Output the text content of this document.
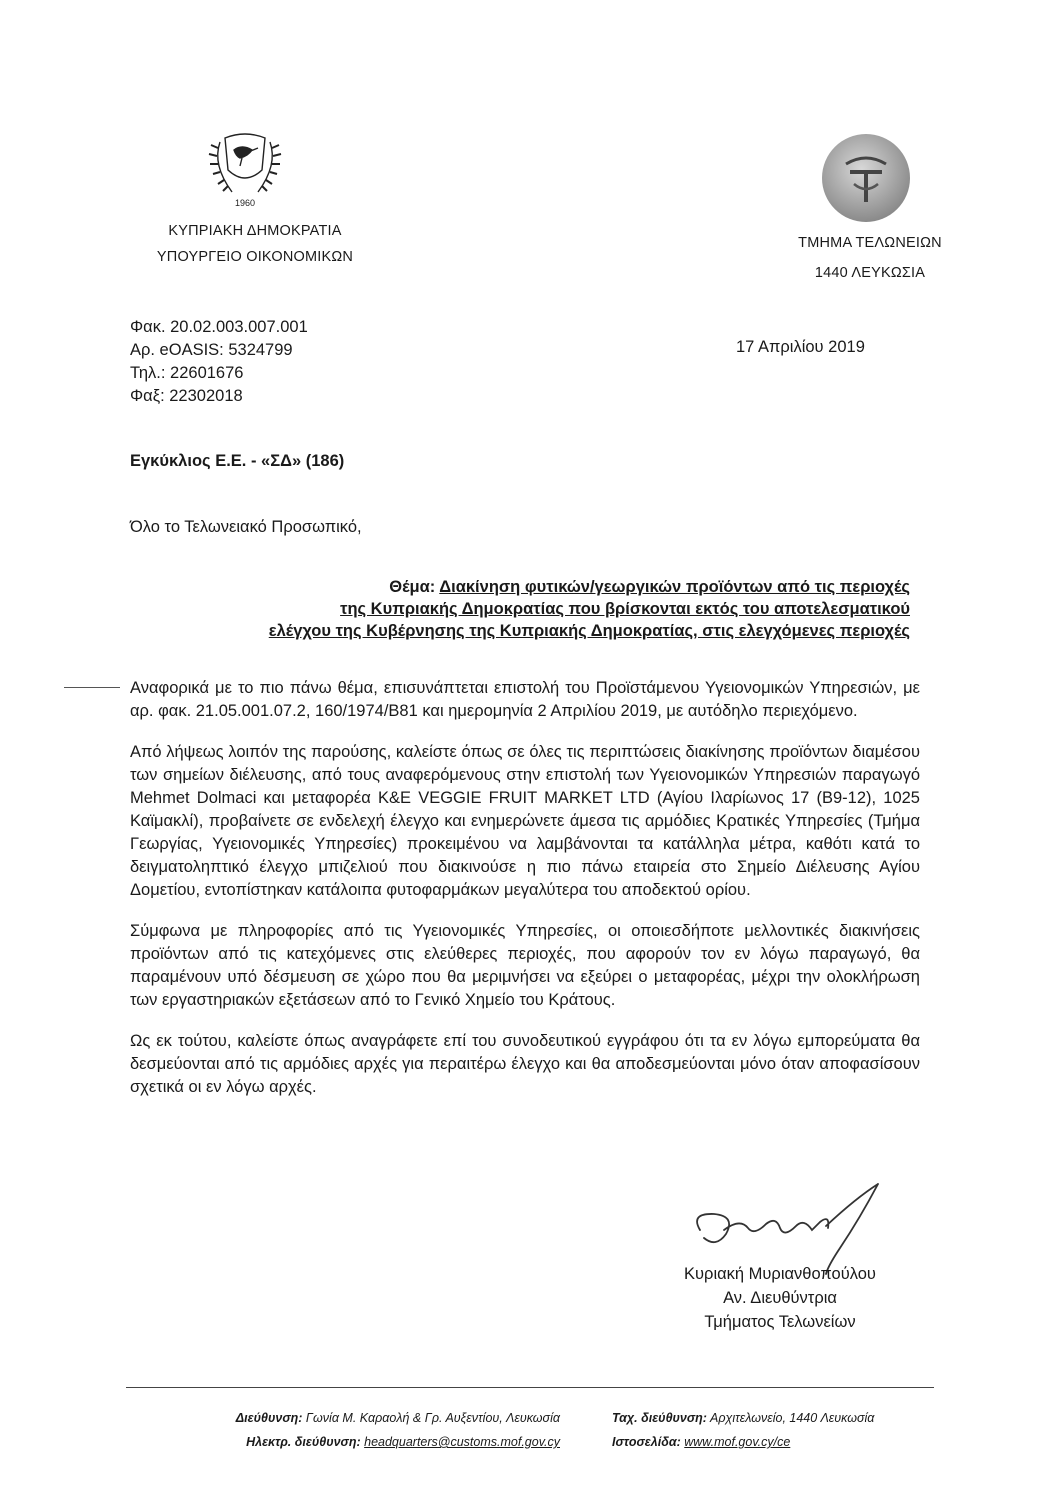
1960
ΚΥΠΡΙΑΚΗ ΔΗΜΟΚΡΑΤΙΑ
ΥΠΟΥΡΓΕΙΟ ΟΙΚΟΝΟΜΙΚΩΝ
ΤΜΗΜΑ ΤΕΛΩΝΕΙΩΝ
1440 ΛΕΥΚΩΣΙΑ
Φακ. 20.02.003.007.001
Αρ. eOASIS: 5324799
Τηλ.: 22601676
Φαξ: 22302018
17 Απριλίου 2019
Εγκύκλιος Ε.Ε. - «ΣΔ» (186)
Όλο το Τελωνειακό Προσωπικό,
Θέμα: Διακίνηση φυτικών/γεωργικών προϊόντων από τις περιοχές
της Κυπριακής Δημοκρατίας που βρίσκονται εκτός του αποτελεσματικού
ελέγχου της Κυβέρνησης της Κυπριακής Δημοκρατίας, στις ελεγχόμενες περιοχές

Αναφορικά με το πιο πάνω θέμα, επισυνάπτεται επιστολή του Προϊστάμενου Υγειονομικών Υπηρεσιών, με αρ. φακ. 21.05.001.07.2, 160/1974/B81 και ημερομηνία 2 Απριλίου 2019, με αυτόδηλο περιεχόμενο.

Από λήψεως λοιπόν της παρούσης, καλείστε όπως σε όλες τις περιπτώσεις διακίνησης προϊόντων διαμέσου των σημείων διέλευσης, από τους αναφερόμενους στην επιστολή των Υγειονομικών Υπηρεσιών παραγωγό Mehmet Dolmaci και μεταφορέα K&E VEGGIE FRUIT MARKET LTD (Αγίου Ιλαρίωνος 17 (B9-12), 1025 Καϊμακλί), προβαίνετε σε ενδελεχή έλεγχο και ενημερώνετε άμεσα τις αρμόδιες Κρατικές Υπηρεσίες (Τμήμα Γεωργίας, Υγειονομικές Υπηρεσίες) προκειμένου να λαμβάνονται τα κατάλληλα μέτρα, καθότι κατά το δειγματοληπτικό έλεγχο μπιζελιού που διακινούσε η πιο πάνω εταιρεία στο Σημείο Διέλευσης Αγίου Δομετίου, εντοπίστηκαν κατάλοιπα φυτοφαρμάκων μεγαλύτερα του αποδεκτού ορίου.

Σύμφωνα με πληροφορίες από τις Υγειονομικές Υπηρεσίες, οι οποιεσδήποτε μελλοντικές διακινήσεις προϊόντων από τις κατεχόμενες στις ελεύθερες περιοχές, που αφορούν τον εν λόγω παραγωγό, θα παραμένουν υπό δέσμευση σε χώρο που θα μεριμνήσει να εξεύρει ο μεταφορέας, μέχρι την ολοκλήρωση των εργαστηριακών εξετάσεων από το Γενικό Χημείο του Κράτους.

Ως εκ τούτου, καλείστε όπως αναγράφετε επί του συνοδευτικού εγγράφου ότι τα εν λόγω εμπορεύματα θα δεσμεύονται από τις αρμόδιες αρχές για περαιτέρω έλεγχο και θα αποδεσμεύονται μόνο όταν αποφασίσουν σχετικά οι εν λόγω αρχές.

Κυριακή Μυριανθοπούλου
Αν. Διευθύντρια
Τμήματος Τελωνείων
Διεύθυνση: Γωνία Μ. Καραολή & Γρ. Αυξεντίου, Λευκωσία
Ηλεκτρ. διεύθυνση: headquarters@customs.mof.gov.cy
Ταχ. διεύθυνση: Αρχιτελωνείο, 1440 Λευκωσία
Ιστοσελίδα: www.mof.gov.cy/ce
